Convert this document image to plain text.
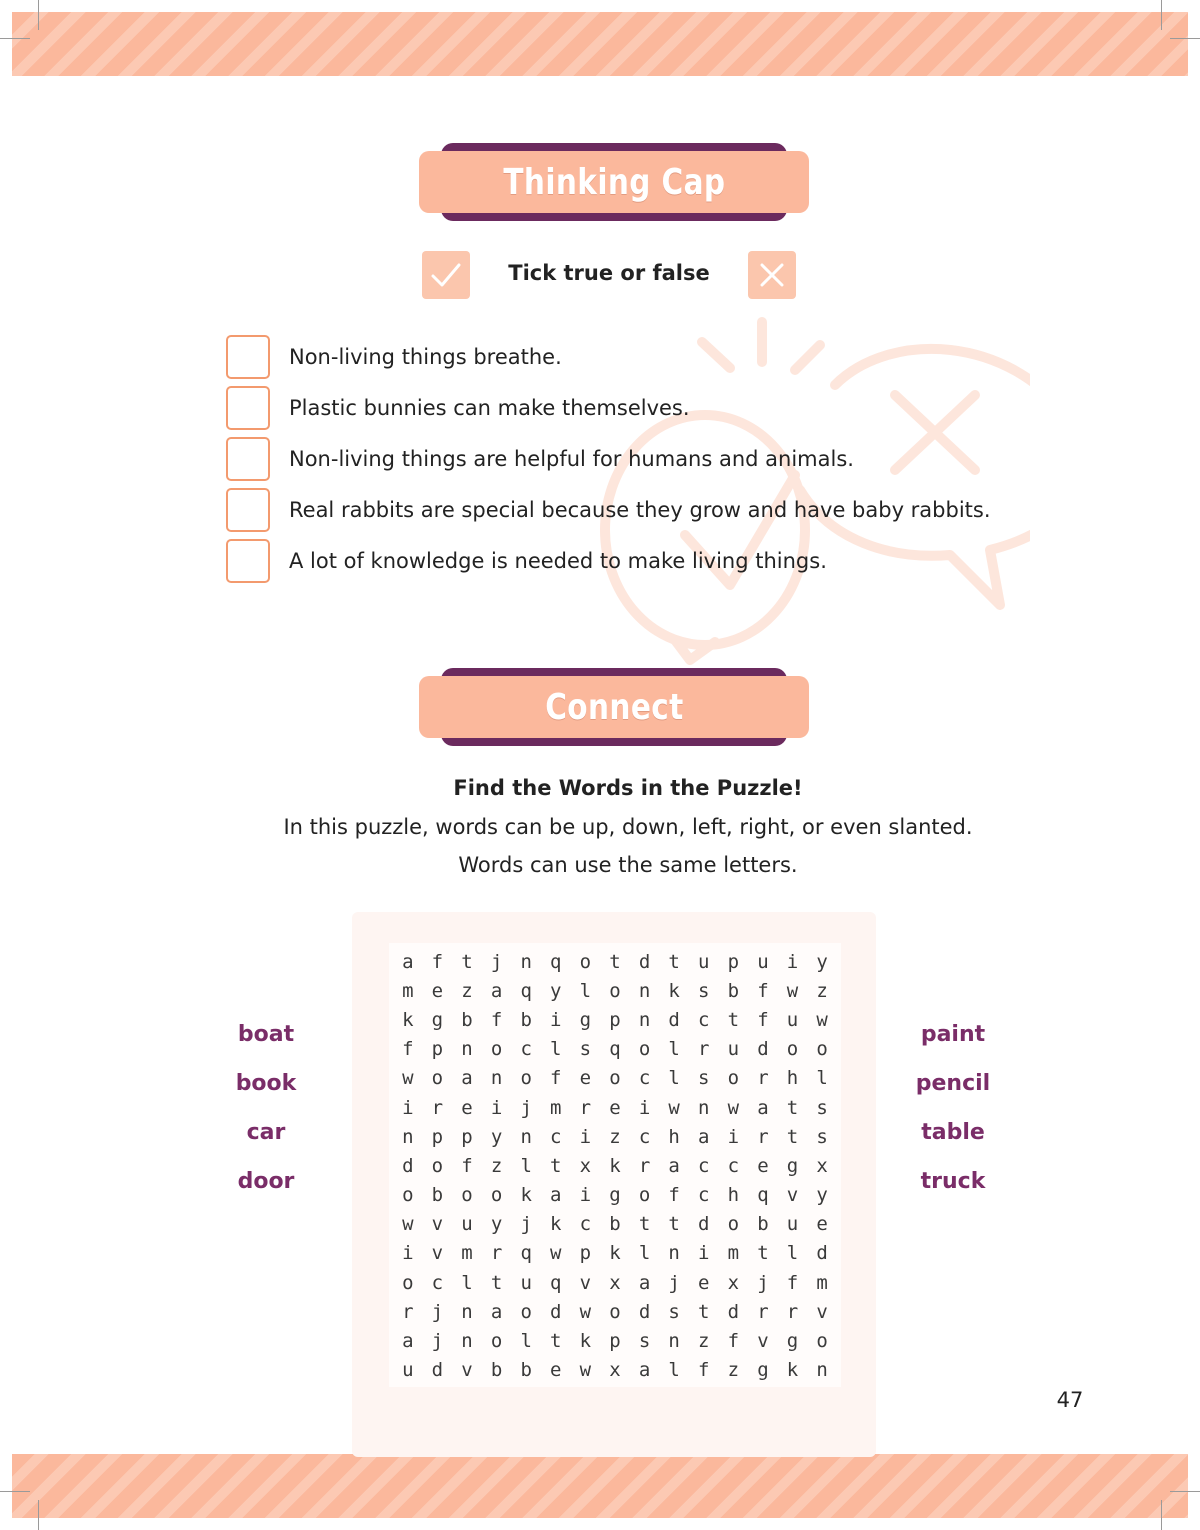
Thinking Cap
Tick true or false
Non-living things breathe.
Plastic bunnies can make themselves.
Non-living things are helpful for humans and animals.
Real rabbits are special because they grow and have baby rabbits.
A lot of knowledge is needed to make living things.
Connect
Find the Words in the Puzzle!
In this puzzle, words can be up, down, left, right, or even slanted.
Words can use the same letters.
boat
book
car
door
paint
pencil
table
truck
a f t j n q o t d t u p u i y
m e z a q y l o n k s b f w z
k g b f b i g p n d c t f u w
f p n o c l s q o l r u d o o
w o a n o f e o c l s o r h l
i r e i j m r e i w n w a t s
n p p y n c i z c h a i r t s
d o f z l t x k r a c c e g x
o b o o k a i g o f c h q v y
w v u y j k c b t t d o b u e
i v m r q w p k l n i m t l d
o c l t u q v x a j e x j f m
r j n a o d w o d s t d r r v
a j n o l t k p s n z f v g o
u d v b b e w x a l f z g k n
47
